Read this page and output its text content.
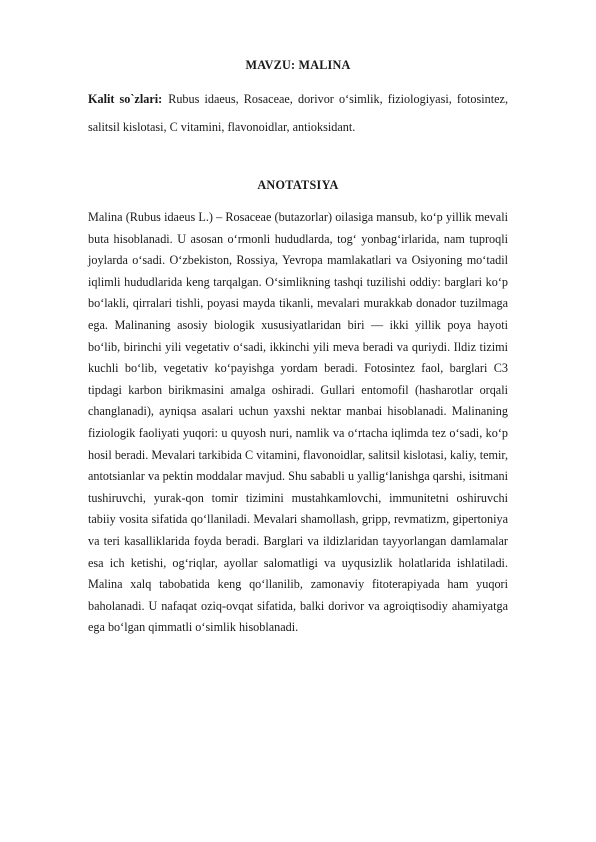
MAVZU: MALINA
Kalit so`zlari: Rubus idaeus, Rosaceae, dorivor o‘simlik, fiziologiyasi, fotosintez, salitsil kislotasi, C vitamini, flavonoidlar, antioksidant.
ANOTATSIYA

Malina (Rubus idaeus L.) – Rosaceae (butazorlar) oilasiga mansub, ko‘p yillik mevali buta hisoblanadi. U asosan o‘rmonli hududlarda, tog‘ yonbag‘irlarida, nam tuproqli joylarda o‘sadi. O‘zbekiston, Rossiya, Yevropa mamlakatlari va Osiyoning mo‘tadil iqlimli hududlarida keng tarqalgan. O‘simlikning tashqi tuzilishi oddiy: barglari ko‘p bo‘lakli, qirralari tishli, poyasi mayda tikanli, mevalari murakkab donador tuzilmaga ega. Malinaning asosiy biologik xususiyatlaridan biri — ikki yillik poya hayoti bo‘lib, birinchi yili vegetativ o‘sadi, ikkinchi yili meva beradi va quriydi. Ildiz tizimi kuchli bo‘lib, vegetativ ko‘payishga yordam beradi. Fotosintez faol, barglari C3 tipdagi karbon birikmasini amalga oshiradi. Gullari entomofil (hasharotlar orqali changlanadi), ayniqsa asalari uchun yaxshi nektar manbai hisoblanadi. Malinaning fiziologik faoliyati yuqori: u quyosh nuri, namlik va o‘rtacha iqlimda tez o‘sadi, ko‘p hosil beradi. Mevalari tarkibida C vitamini, flavonoidlar, salitsil kislotasi, kaliy, temir, antotsianlar va pektin moddalar mavjud. Shu sababli u yallig‘lanishga qarshi, isitmani tushiruvchi, yurak-qon tomir tizimini mustahkamlovchi, immunitetni oshiruvchi tabiiy vosita sifatida qo‘llaniladi. Mevalari shamollash, gripp, revmatizm, gipertoniya va teri kasalliklarida foyda beradi. Barglari va ildizlaridan tayyorlangan damlamalar esa ich ketishi, og‘riqlar, ayollar salomatligi va uyqusizlik holatlarida ishlatiladi. Malina xalq tabobatida keng qo‘llanilib, zamonaviy fitoterapiyada ham yuqori baholanadi. U nafaqat oziq-ovqat sifatida, balki dorivor va agroiqtisodiy ahamiyatga ega bo‘lgan qimmatli o‘simlik hisoblanadi.
